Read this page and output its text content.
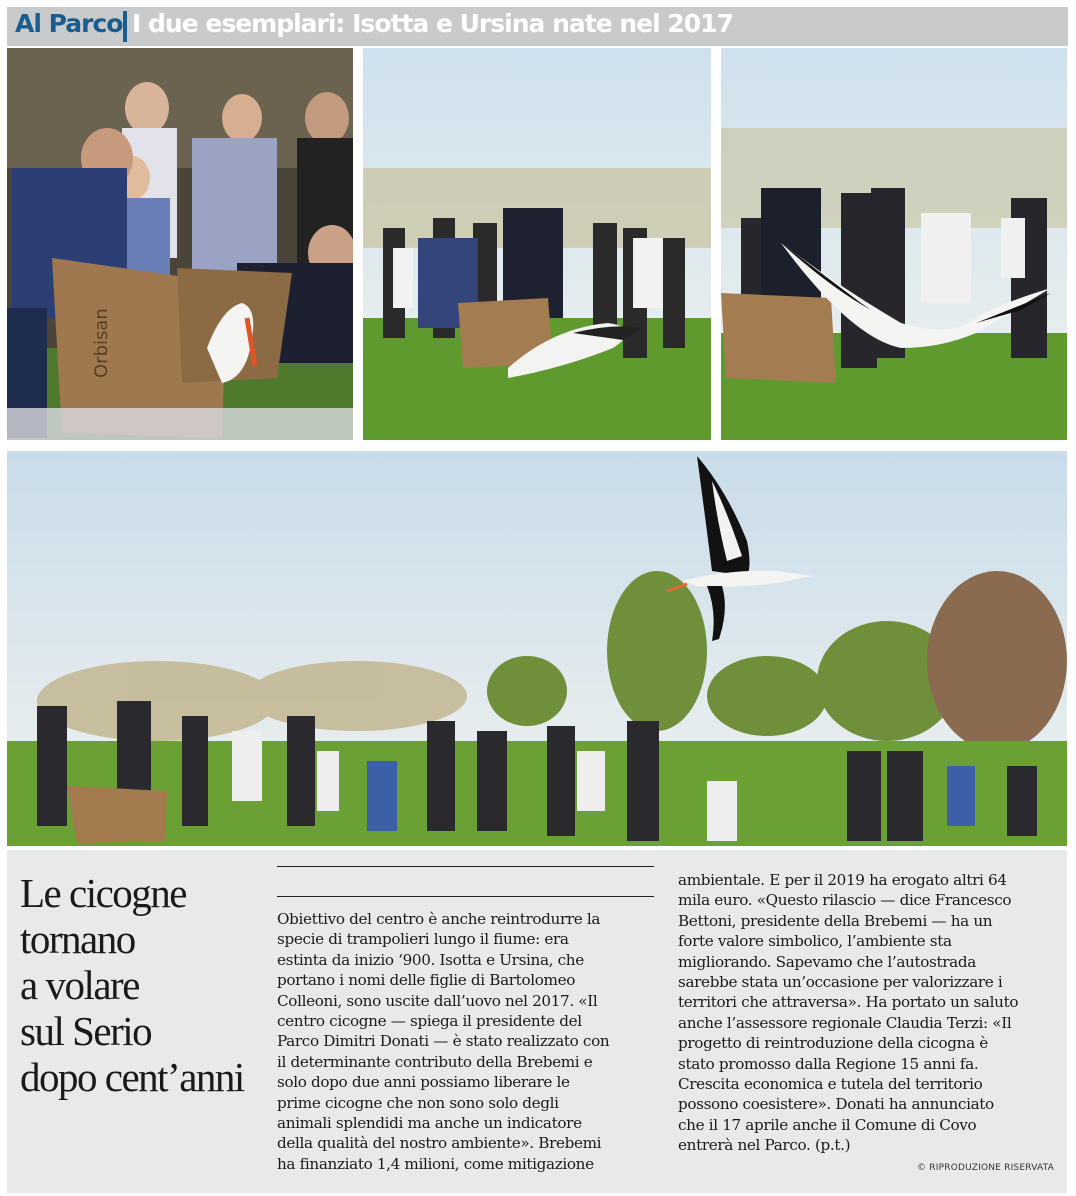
Al Parco I due esemplari: Isotta e Ursina nate nel 2017
Orbisan
Le cicogne
tornano
a volare
sul Serio
dopo cent’anni

Obiettivo del centro è anche reintrodurre la

specie di trampolieri lungo il fiume: era

estinta da inizio ‘900. Isotta e Ursina, che

portano i nomi delle figlie di Bartolomeo

Colleoni, sono uscite dall’uovo nel 2017. «Il

centro cicogne — spiega il presidente del

Parco Dimitri Donati — è stato realizzato con

il determinante contributo della Brebemi e

solo dopo due anni possiamo liberare le

prime cicogne che non sono solo degli

animali splendidi ma anche un indicatore

della qualità del nostro ambiente». Brebemi

ha finanziato 1,4 milioni, come mitigazione

ambientale. E per il 2019 ha erogato altri 64

mila euro. «Questo rilascio — dice Francesco

Bettoni, presidente della Brebemi — ha un

forte valore simbolico, l’ambiente sta

migliorando. Sapevamo che l’autostrada

sarebbe stata un’occasione per valorizzare i

territori che attraversa». Ha portato un saluto

anche l’assessore regionale Claudia Terzi: «Il

progetto di reintroduzione della cicogna è

stato promosso dalla Regione 15 anni fa.

Crescita economica e tutela del territorio

possono coesistere». Donati ha annunciato

che il 17 aprile anche il Comune di Covo

entrerà nel Parco. (p.t.)

© RIPRODUZIONE RISERVATA
